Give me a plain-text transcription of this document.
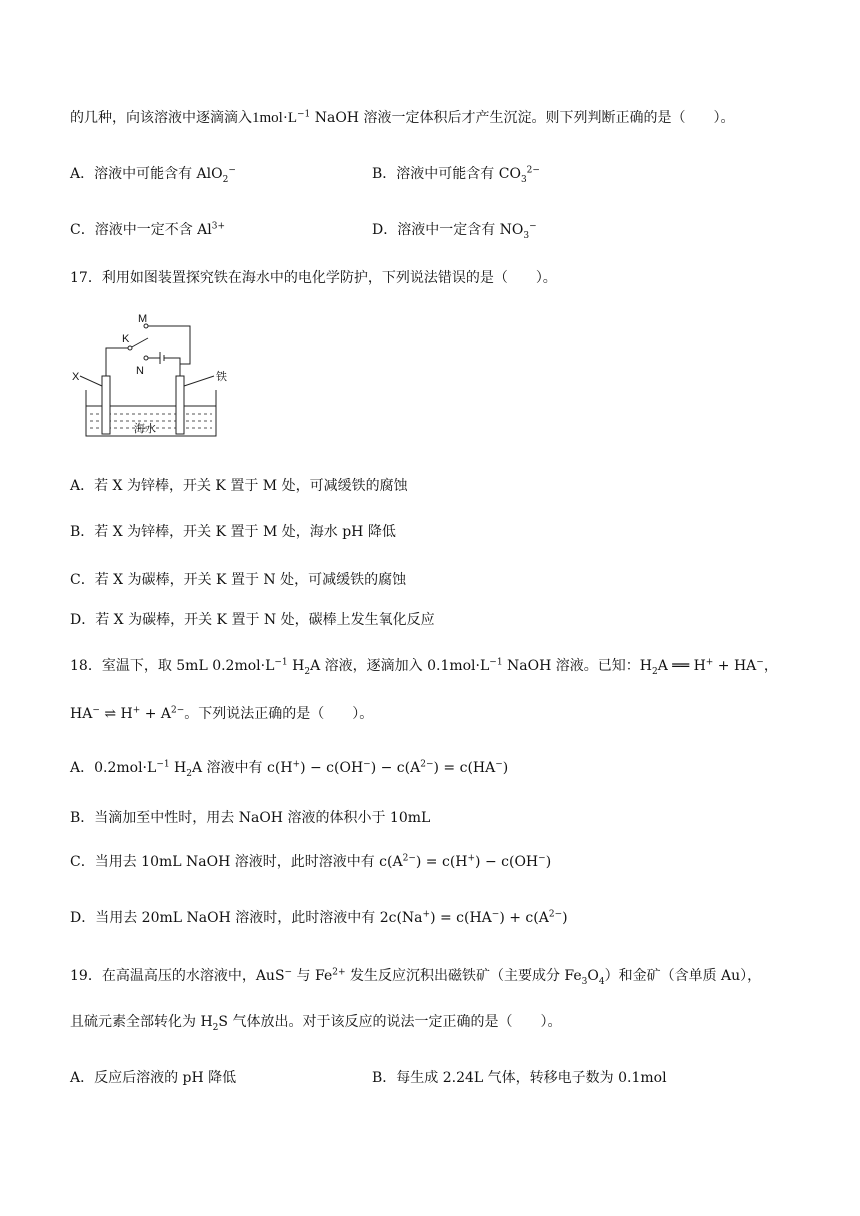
的几种，向该溶液中逐滴滴入$1mol\cdot L^{-1}$ NaOH 溶液一定体积后才产生沉淀。则下列判断正确的是（　　）。
A．溶液中可能含有 AlO$_2$−	B．溶液中可能含有 $CO_3^{2-}$
C．溶液中一定不含 $Al^{3+}$	D．溶液中一定含有 $NO_3^-$
17．利用如图装置探究铁在海水中的电化学防护，下列说法错误的是（　　）。
M
K
N
X	铁
海水
A．若 X 为锌棒，开关 K 置于 M 处，可减缓铁的腐蚀
B．若 X 为锌棒，开关 K 置于 M 处，海水 pH 降低
C．若 X 为碳棒，开关 K 置于 N 处，可减缓铁的腐蚀
D．若 X 为碳棒，开关 K 置于 N 处，碳棒上发生氧化反应
18．室温下，取 5mL $0.2mol\cdot L^{-1}$ $H_2A$ 溶液，逐滴加入 $0.1mol\cdot L^{-1}$ NaOH 溶液。已知：$H_2A$ ══ H+ + HA−，
HA− ⇌ $H^+ + A^{2-}$。下列说法正确的是（　　）。
A．$0.2mol\cdot L^{-1}$ $H_2A$ 溶液中有 $c(H^+) - c(OH^-) - c(A^{2-}) = c(HA^-)$
B．当滴加至中性时，用去 NaOH 溶液的体积小于 10mL
C．当用去 10mL NaOH 溶液时，此时溶液中有 $c(A^{2-}) = c(H^+) - c(OH^-)$
D．当用去 20mL NaOH 溶液时，此时溶液中有 $2c(Na^+) = c(HA^-) + c(A^{2-})$
19．在高温高压的水溶液中，AuS− 与 $Fe^{2+}$ 发生反应沉积出磁铁矿（主要成分 $Fe_3O_4$）和金矿（含单质 Au），
且硫元素全部转化为 $H_2S$ 气体放出。对于该反应的说法一定正确的是（　　）。
A．反应后溶液的 pH 降低	B．每生成 2.24L 气体，转移电子数为 0.1mol
